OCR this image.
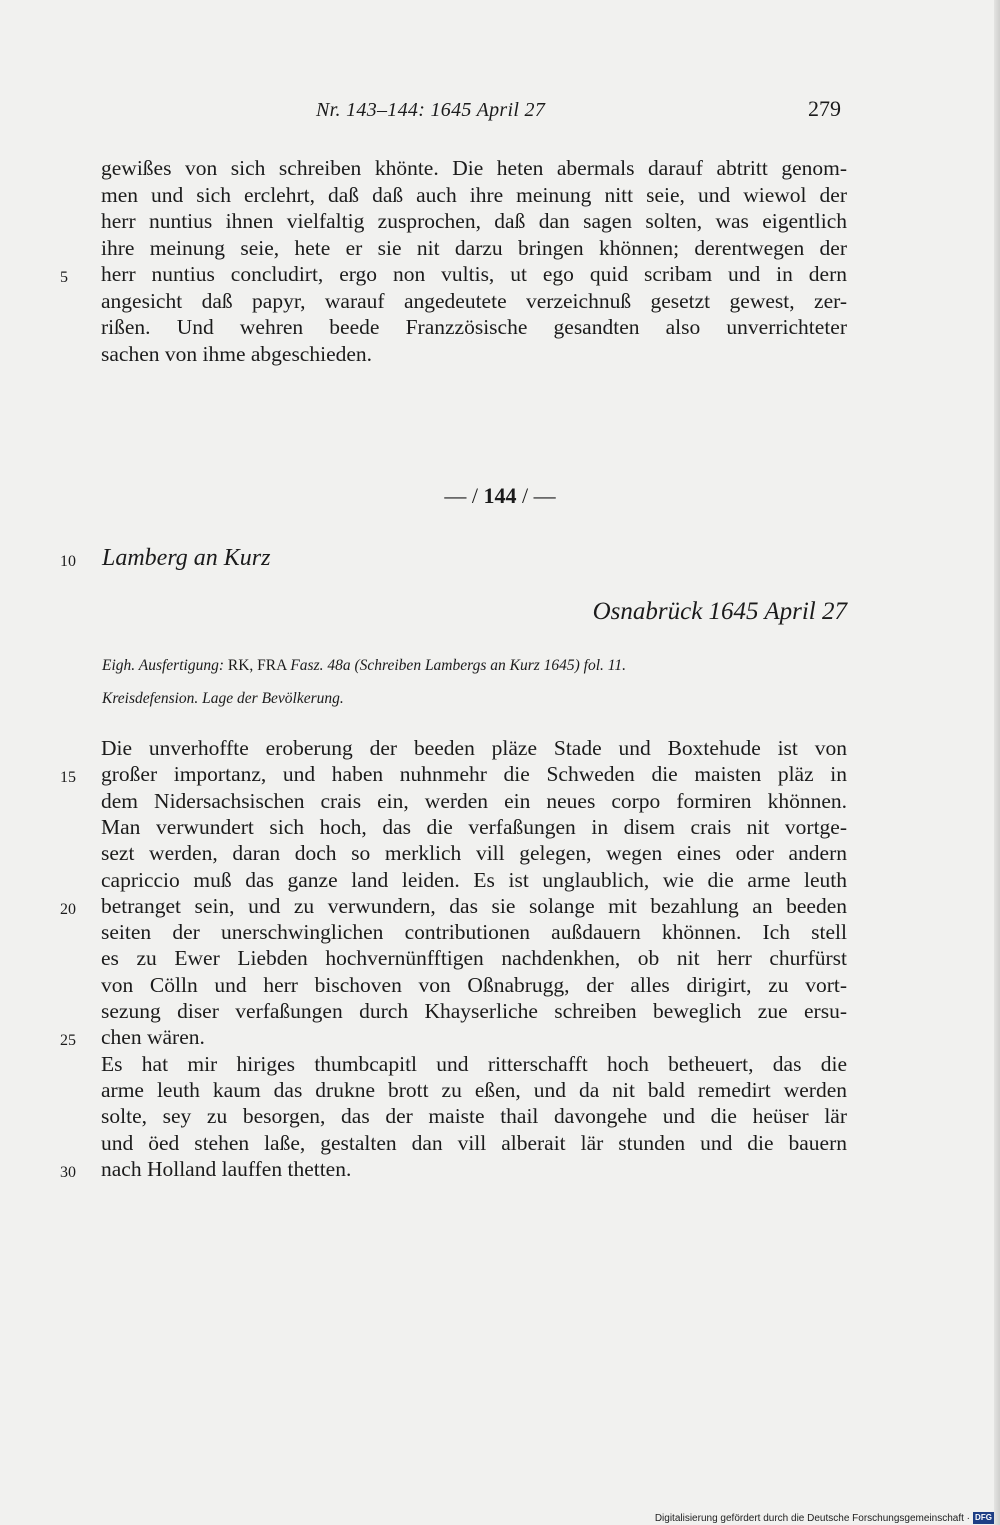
Nr. 143–144: 1645 April 27	279
gewißes von sich schreiben khönte. Die heten abermals darauf abtritt genom-
men und sich erclehrt, daß daß auch ihre meinung nitt seie, und wiewol der
herr nuntius ihnen vielfaltig zusprochen, daß dan sagen solten, was eigentlich
ihre meinung seie, hete er sie nit darzu bringen khönnen; derentwegen der
herr nuntius concludirt, ergo non vultis, ut ego quid scribam und in dern
5
angesicht daß papyr, warauf angedeutete verzeichnuß gesetzt gewest, zer-
rißen. Und wehren beede Franzzösische gesandten also unverrichteter
sachen von ihme abgeschieden.
— / 144 / —
10	Lamberg an Kurz
Osnabrück 1645 April 27
Eigh. Ausfertigung: RK, FRA Fasz. 48a (Schreiben Lambergs an Kurz 1645) fol. 11.
Kreisdefension. Lage der Bevölkerung.
Die unverhoffte eroberung der beeden pläze Stade und Boxtehude ist von
großer importanz, und haben nuhnmehr die Schweden die maisten pläz in
15
dem Nidersachsischen crais ein, werden ein neues corpo formiren khönnen.
Man verwundert sich hoch, das die verfaßungen in disem crais nit vortge-
sezt werden, daran doch so merklich vill gelegen, wegen eines oder andern
capriccio muß das ganze land leiden. Es ist unglaublich, wie die arme leuth
betranget sein, und zu verwundern, das sie solange mit bezahlung an beeden
20
seiten der unerschwinglichen contributionen außdauern khönnen. Ich stell
es zu Ewer Liebden hochvernünfftigen nachdenkhen, ob nit herr churfürst
von Cölln und herr bischoven von Oßnabrugg, der alles dirigirt, zu vort-
sezung diser verfaßungen durch Khayserliche schreiben beweglich zue ersu-
chen wären.
25
Es hat mir hiriges thumbcapitl und ritterschafft hoch betheuert, das die
arme leuth kaum das drukne brott zu eßen, und da nit bald remedirt werden
solte, sey zu besorgen, das der maiste thail davongehe und die heüser lär
und öed stehen laße, gestalten dan vill alberait lär stunden und die bauern
nach Holland lauffen thetten.
30
Digitalisierung gefördert durch die Deutsche Forschungsgemeinschaft · DFG
